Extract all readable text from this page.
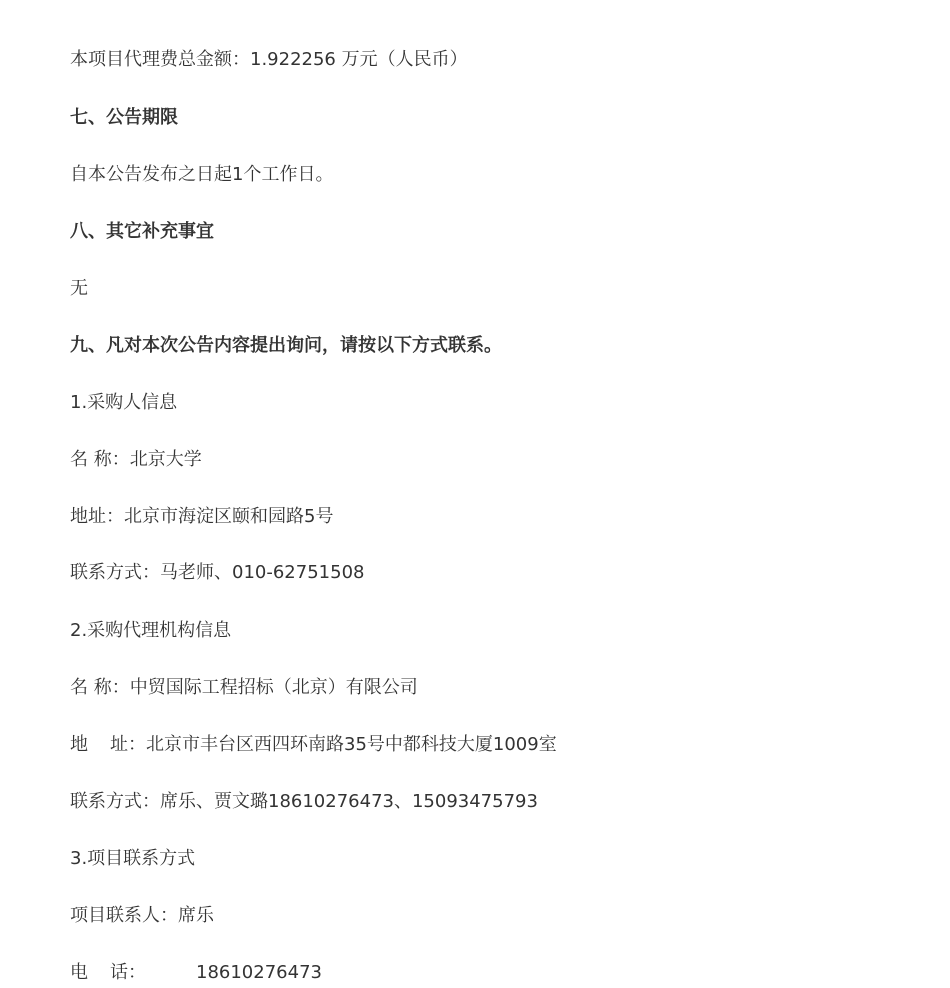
本项目代理费总金额：1.922256 万元（人民币）
七、公告期限
自本公告发布之日起1个工作日。
八、其它补充事宜
无
九、凡对本次公告内容提出询问，请按以下方式联系。
1.采购人信息
名 称：北京大学
地址：北京市海淀区颐和园路5号
联系方式：马老师、010-62751508
2.采购代理机构信息
名 称：中贸国际工程招标（北京）有限公司
地 址：北京市丰台区西四环南路35号中都科技大厦1009室
联系方式：席乐、贾文璐18610276473、15093475793
3.项目联系方式
项目联系人：席乐
电 话：	18610276473
